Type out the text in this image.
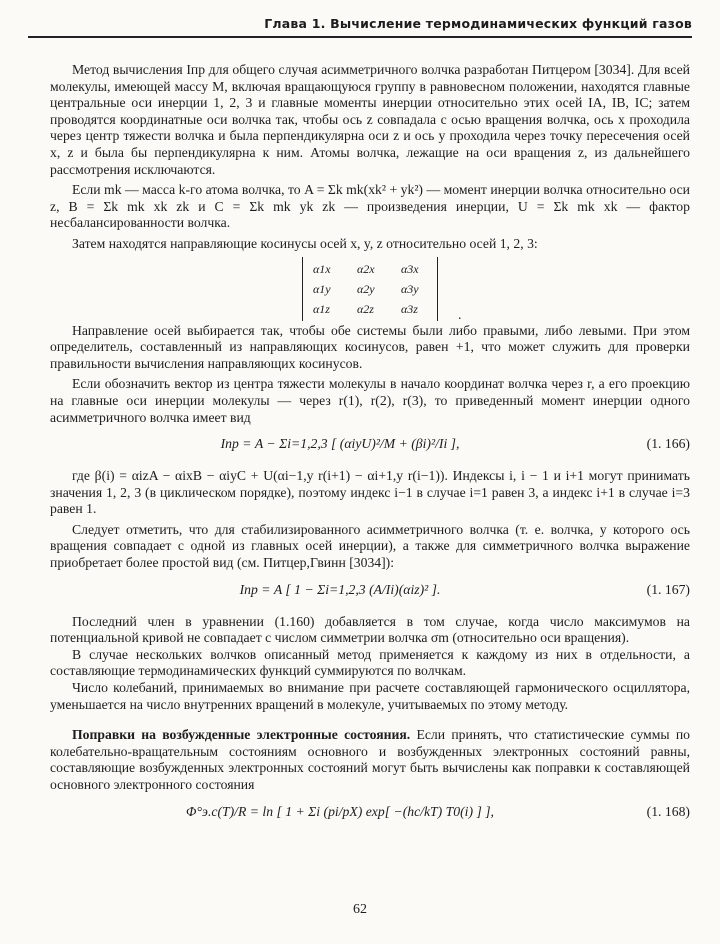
Глава 1. Вычисление термодинамических функций газов

Метод вычисления Iпр для общего случая асимметричного волчка разработан Питцером [3034]. Для всей молекулы, имеющей массу M, включая вращающуюся группу в равновесном положении, находятся главные центральные оси инерции 1, 2, 3 и главные моменты инерции относительно этих осей IA, IB, IC; затем проводятся координатные оси волчка так, чтобы ось z совпадала с осью вращения волчка, ось x проходила через центр тяжести волчка и была перпендикулярна оси z и ось y проходила через точку пересечения осей x, z и была бы перпендикулярна к ним. Атомы волчка, лежащие на оси вращения z, из дальнейшего рассмотрения исключаются.

Если mk — масса k-го атома волчка, то A = Σk mk(xk² + yk²) — момент инерции волчка относительно оси z, B = Σk mk xk zk и C = Σk mk yk zk — произведения инерции, U = Σk mk xk — фактор несбалансированности волчка.

Затем находятся направляющие косинусы осей x, y, z относительно осей 1, 2, 3:

α1x	α2x	α3x
α1y	α2y	α3y
α1z	α2z	α3z	.

Направление осей выбирается так, чтобы обе системы были либо правыми, либо левыми. При этом определитель, составленный из направляющих косинусов, равен +1, что может служить для проверки правильности вычисления направляющих косинусов.

Если обозначить вектор из центра тяжести молекулы в начало координат волчка через r, а его проекцию на главные оси инерции молекулы — через r(1), r(2), r(3), то приведенный момент инерции одного асимметричного волчка имеет вид

Iпр = A − Σi=1,2,3 [ (αiyU)²/M + (βi)²/Ii ],	(1. 166)

где β(i) = αizA − αixB − αiyC + U(αi−1,y r(i+1) − αi+1,y r(i−1)). Индексы i, i − 1 и i+1 могут принимать значения 1, 2, 3 (в циклическом порядке), поэтому индекс i−1 в случае i=1 равен 3, а индекс i+1 в случае i=3 равен 1.

Следует отметить, что для стабилизированного асимметричного волчка (т. е. волчка, у которого ось вращения совпадает с одной из главных осей инерции), а также для симметричного волчка выражение приобретает более простой вид (см. Питцер,Гвинн [3034]):

Iпр = A [ 1 − Σi=1,2,3 (A/Ii)(αiz)² ].	(1. 167)

Последний член в уравнении (1.160) добавляется в том случае, когда число максимумов на потенциальной кривой не совпадает с числом симметрии волчка σm (относительно оси вращения).

В случае нескольких волчков описанный метод применяется к каждому из них в отдельности, а составляющие термодинамических функций суммируются по волчкам.

Число колебаний, принимаемых во внимание при расчете составляющей гармонического осциллятора, уменьшается на число внутренних вращений в молекуле, учитываемых по этому методу.

Поправки на возбужденные электронные состояния. Если принять, что статистические суммы по колебательно-вращательным состояниям основного и возбужденных электронных состояний равны, составляющие возбужденных электронных состояний могут быть вычислены как поправки к составляющей основного электронного состояния

Φ°э.с(T)/R = ln [ 1 + Σi (pi/pX) exp[ −(hc/kT) T0(i) ] ],	(1. 168)
62
